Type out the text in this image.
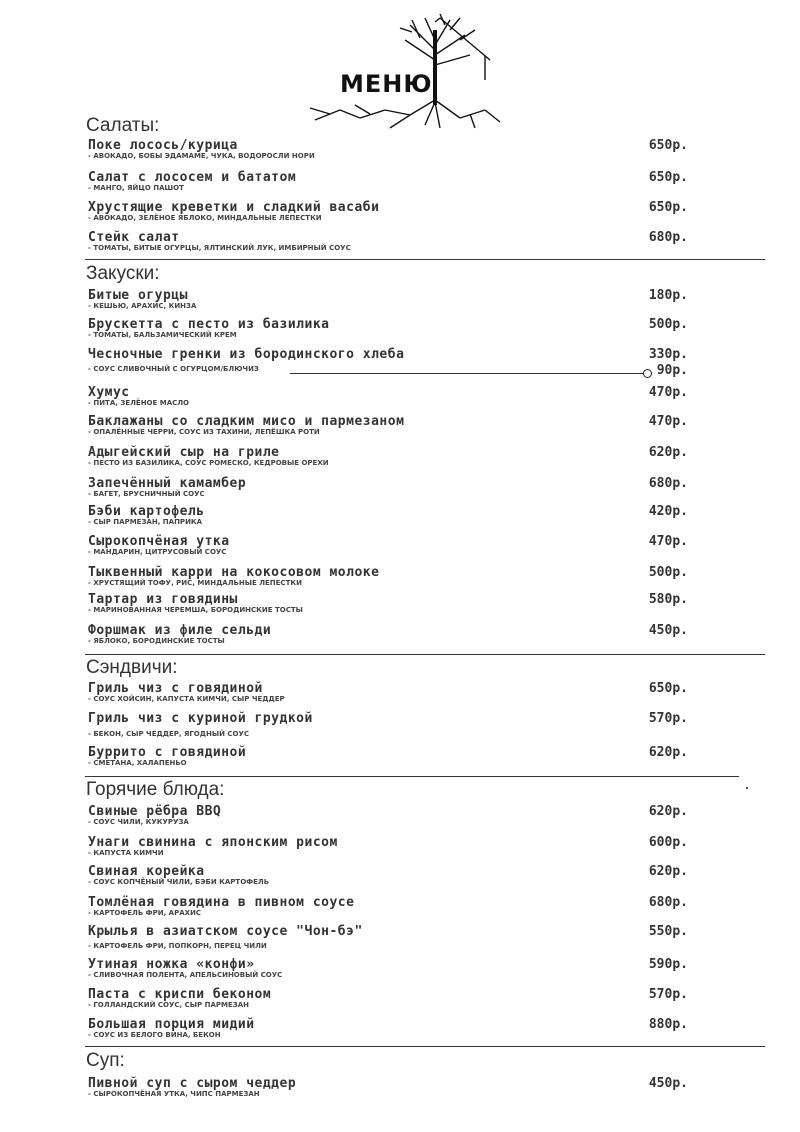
МЕНЮ
Салаты:
Поке лосось/курица
- АВОКАДО, БОБЫ ЭДАМАМЕ, ЧУКА, ВОДОРОСЛИ НОРИ
650р.
Салат с лососем и бататом
- МАНГО, ЯЙЦО ПАШОТ
650р.
Хрустящие креветки и сладкий васаби
- АВОКАДО, ЗЕЛЁНОЕ ЯБЛОКО, МИНДАЛЬНЫЕ ЛЕПЕСТКИ
650р.
Стейк салат
- ТОМАТЫ, БИТЫЕ ОГУРЦЫ, ЯЛТИНСКИЙ ЛУК, ИМБИРНЫЙ СОУС
680р.
Закуски:
Битые огурцы
- КЕШЬЮ, АРАХИС, КИНЗА
180р.
Брускетта с песто из базилика
- ТОМАТЫ, БАЛЬЗАМИЧЕСКИЙ КРЕМ
500р.
Чесночные гренки из бородинского хлеба	330р.
- СОУС СЛИВОЧНЫЙ С ОГУРЦОМ/БЛЮЧИЗ	90р.
Хумус
- ПИТА, ЗЕЛЁНОЕ МАСЛО
470р.
Баклажаны со сладким мисо и пармезаном
- ОПАЛЁННЫЕ ЧЕРРИ, СОУС ИЗ ТАХИНИ, ЛЕПЁШКА РОТИ
470р.
Адыгейский сыр на гриле
- ПЕСТО ИЗ БАЗИЛИКА, СОУС РОМЕСКО, КЕДРОВЫЕ ОРЕХИ
620р.
Запечённый камамбер
- БАГЕТ, БРУСНИЧНЫЙ СОУС
680р.
Бэби картофель
- СЫР ПАРМЕЗАН, ПАПРИКА
420р.
Сырокопчёная утка
- МАНДАРИН, ЦИТРУСОВЫЙ СОУС
470р.
Тыквенный карри на кокосовом молоке
- ХРУСТЯЩИЙ ТОФУ, РИС, МИНДАЛЬНЫЕ ЛЕПЕСТКИ
500р.
Тартар из говядины
- МАРИНОВАННАЯ ЧЕРЕМША, БОРОДИНСКИЕ ТОСТЫ
580р.
Форшмак из филе сельди
- ЯБЛОКО, БОРОДИНСКИЕ ТОСТЫ
450р.
Сэндвичи:
Гриль чиз с говядиной
- СОУС ХОЙСИН, КАПУСТА КИМЧИ, СЫР ЧЕДДЕР
650р.
Гриль чиз с куриной грудкой
- БЕКОН, СЫР ЧЕДДЕР, ЯГОДНЫЙ СОУС
570р.
Буррито с говядиной
- СМЕТАНА, ХАЛАПЕНЬО
620р.
Горячие блюда:
Свиные рёбра BBQ
- СОУС ЧИЛИ, КУКУРУЗА
620р.
Унаги свинина с японским рисом
- КАПУСТА КИМЧИ
600р.
Свиная корейка
- СОУС КОПЧЁНЫЙ ЧИЛИ, БЭБИ КАРТОФЕЛЬ
620р.
Томлёная говядина в пивном соусе
- КАРТОФЕЛЬ ФРИ, АРАХИС
680р.
Крылья в азиатском соусе "Чон-бэ"
- КАРТОФЕЛЬ ФРИ, ПОПКОРН, ПЕРЕЦ ЧИЛИ
550р.
Утиная ножка «конфи»
- СЛИВОЧНАЯ ПОЛЕНТА, АПЕЛЬСИНОВЫЙ СОУС
590р.
Паста с криспи беконом
- ГОЛЛАНДСКИЙ СОУС, СЫР ПАРМЕЗАН
570р.
Большая порция мидий
- СОУС ИЗ БЕЛОГО ВИНА, БЕКОН
880р.
Суп:
Пивной суп с сыром чеддер
- СЫРОКОПЧЁНАЯ УТКА, ЧИПС ПАРМЕЗАН
450р.
